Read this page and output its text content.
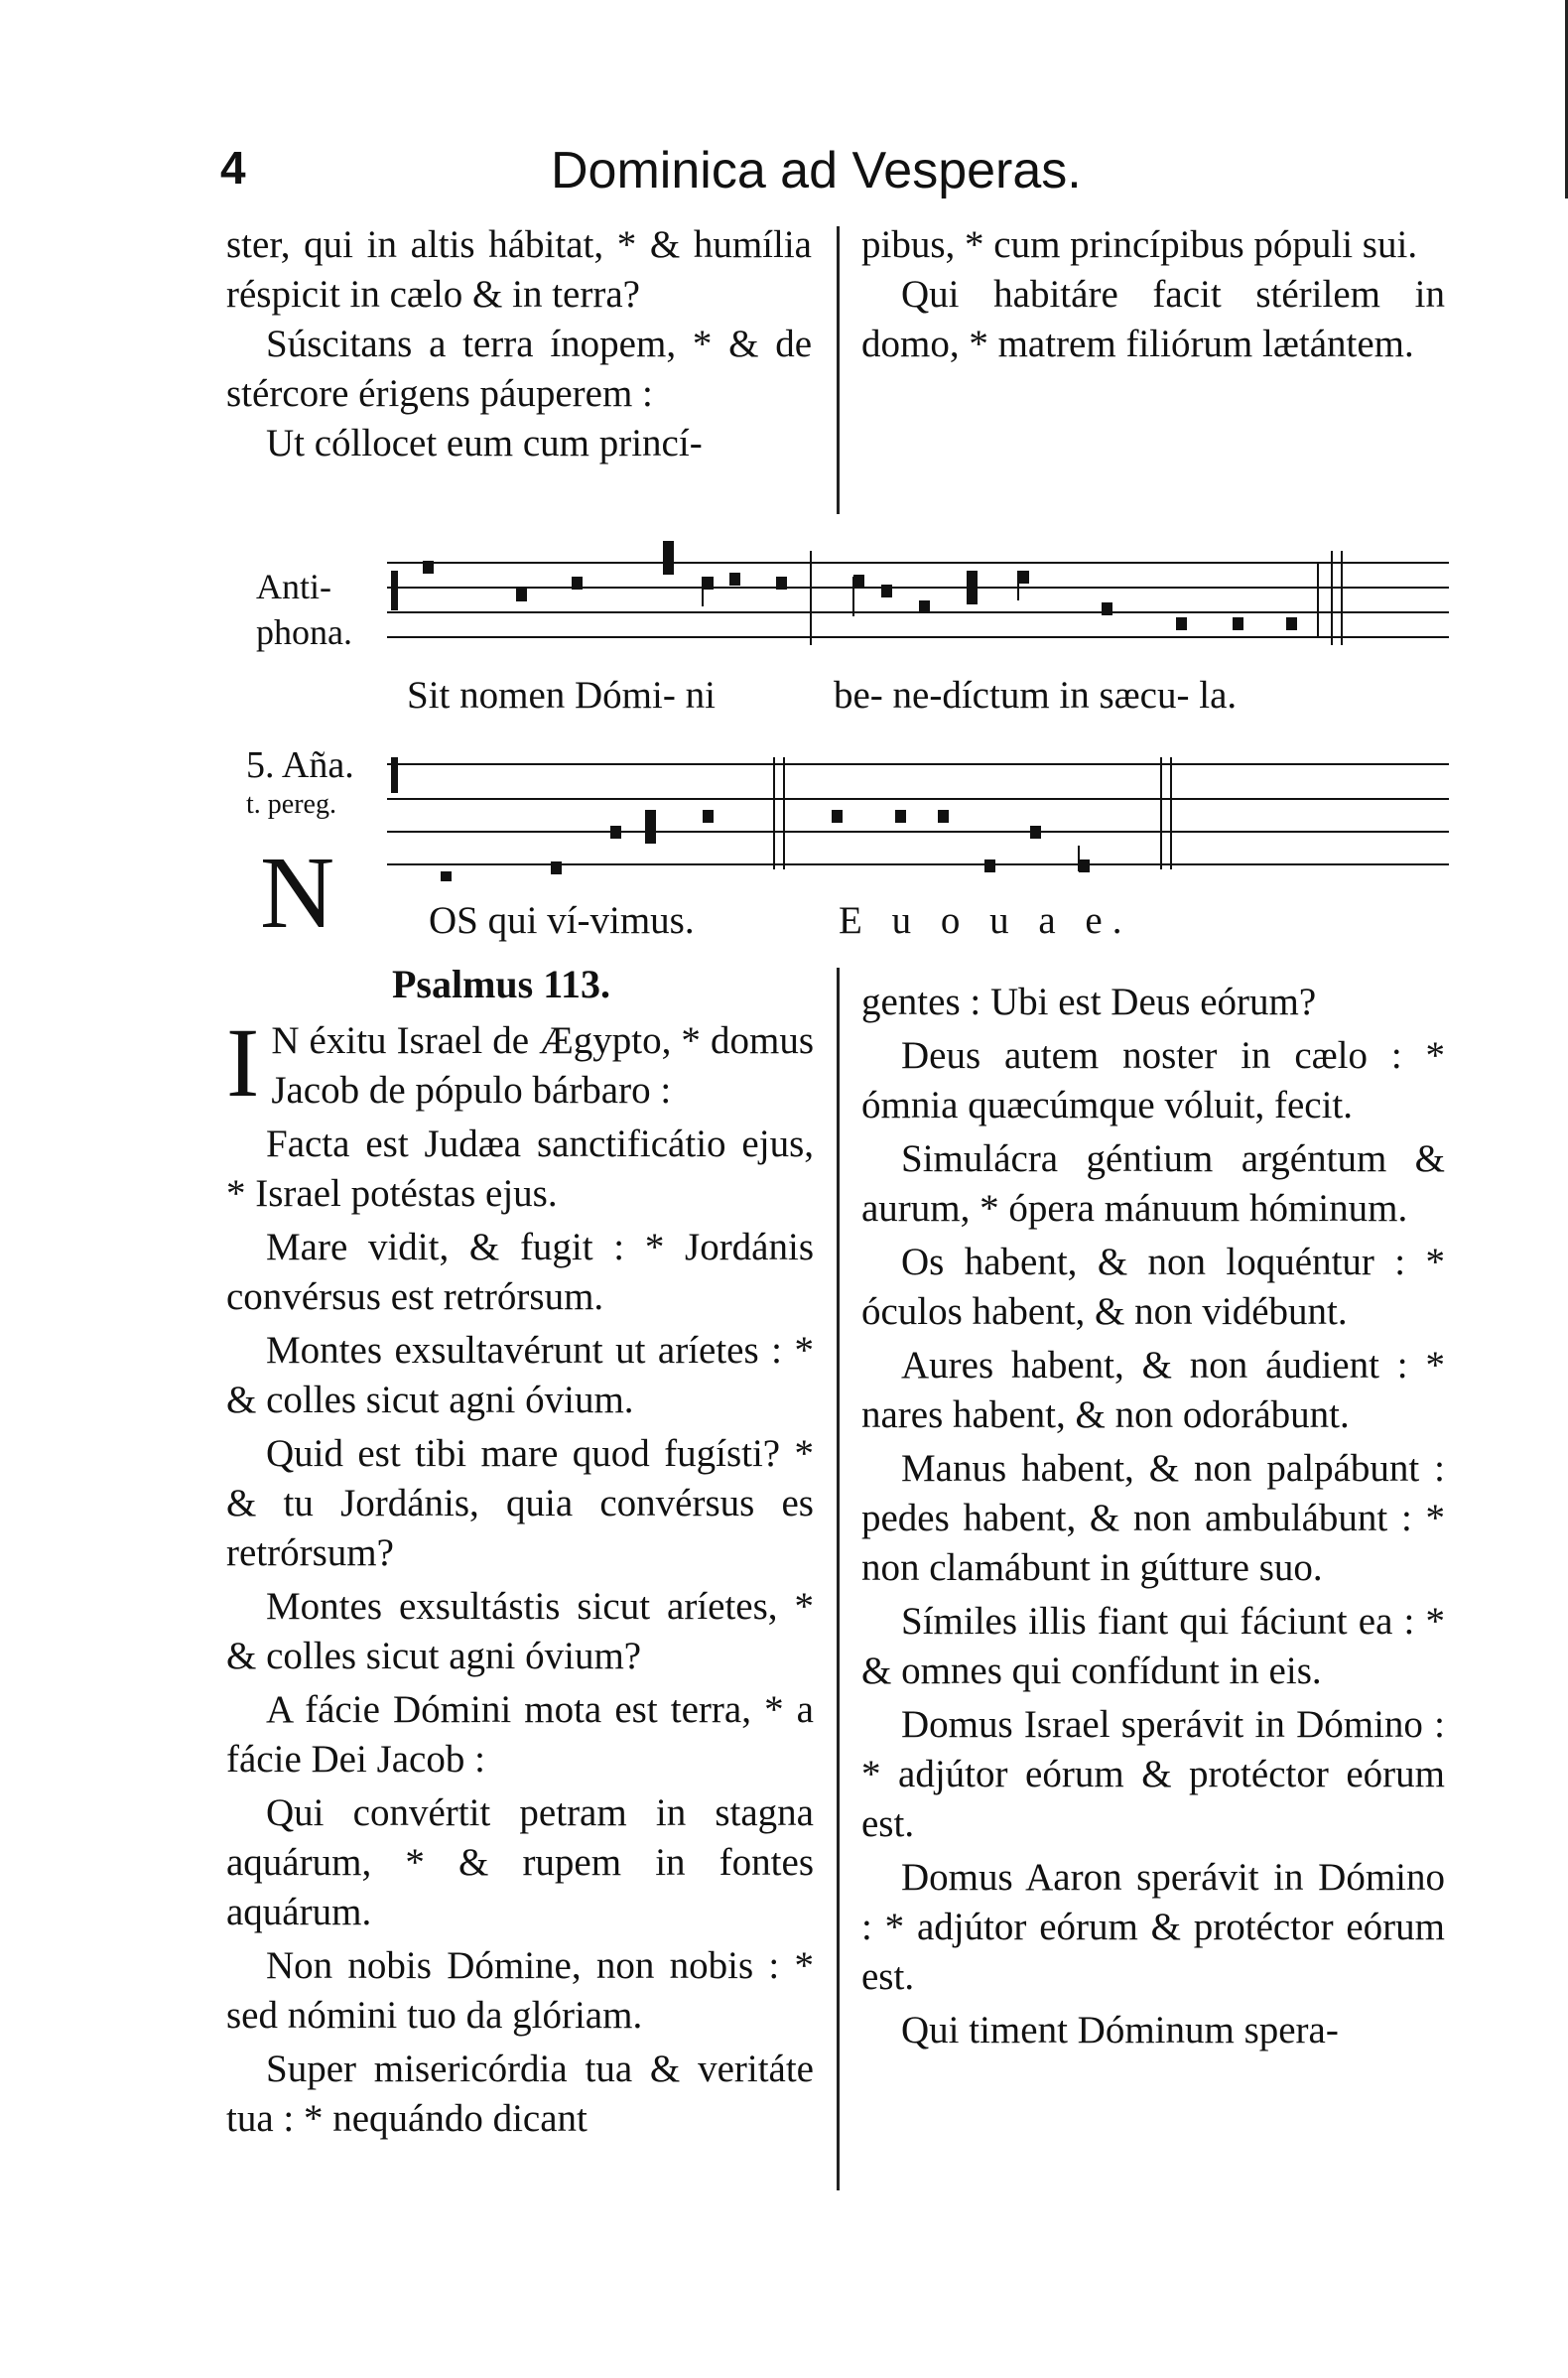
4	Dominica ad Vesperas.

ster, qui in altis hábitat, * & humília réspicit in cælo & in terra?

Súscitans a terra ínopem, * & de stércore érigens páuperem :

Ut cóllocet eum cum princí-

pibus, * cum princípibus pópuli sui.

Qui habitáre facit stérilem in domo, * matrem filiórum lætántem.

Anti-
phona.
Sit nomen Dómi- ni	be- ne-díctum in sæcu- la.
5. Aña.
t. pereg.
N OS qui ví-vimus.	E u o u a e.
Psalmus 113.

I N éxitu Israel de Ægypto, * domus Jacob de pópulo bárbaro :

Facta est Judæa sanctificátio ejus, * Israel potéstas ejus.

Mare vidit, & fugit : * Jordánis convérsus est retrórsum.

Montes exsultavérunt ut aríetes : * & colles sicut agni óvium.

Quid est tibi mare quod fugísti? * & tu Jordánis, quia convérsus es retrórsum?

Montes exsultástis sicut aríetes, * & colles sicut agni óvium?

A fácie Dómini mota est terra, * a fácie Dei Jacob :

Qui convértit petram in stagna aquárum, * & rupem in fontes aquárum.

Non nobis Dómine, non nobis : * sed nómini tuo da glóriam.

Super misericórdia tua & veritáte tua : * nequándo dicant

gentes : Ubi est Deus eórum?

Deus autem noster in cælo : * ómnia quæcúmque vóluit, fecit.

Simulácra géntium argéntum & aurum, * ópera mánuum hóminum.

Os habent, & non loquéntur : * óculos habent, & non vidébunt.

Aures habent, & non áudient : * nares habent, & non odorábunt.

Manus habent, & non palpábunt : pedes habent, & non ambulábunt : * non clamábunt in gútture suo.

Símiles illis fiant qui fáciunt ea : * & omnes qui confídunt in eis.

Domus Israel sperávit in Dómino : * adjútor eórum & protéctor eórum est.

Domus Aaron sperávit in Dómino : * adjútor eórum & protéctor eórum est.

Qui timent Dóminum spera-
